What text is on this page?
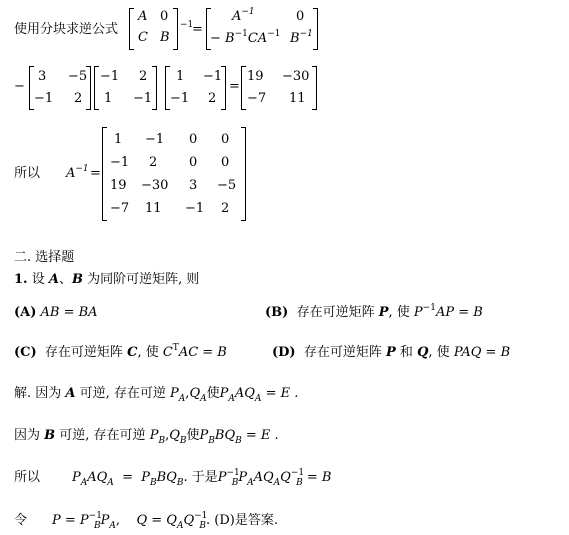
使用分块求逆公式
A 0
C B
$_{-1}$
=
$A^{-1}$	0
− $B^{-1}CA^{-1}$ $B^{-1}$
−
3 −5
−1 2
−1 2
1 −1
1 −1
−1 2
=
19 −30
−7 11
所以 $A^{-1}$ =
1 −1 0 0
−1 2 0 0
19 −30 3 −5
−7 11 −1 2
二. 选择题
1. 设 A、B 为同阶可逆矩阵, 则
(A) AB = BA	(B) 存在可逆矩阵 P, 使 $P^{-1}AP = B$
(C) 存在可逆矩阵 C, 使 $C^TAC = B$	(D) 存在可逆矩阵 P 和 Q, 使 PAQ = B
解. 因为 A 可逆, 存在可逆 $P_A,Q_A$使$P_AAQ_A = E$ .
因为 B 可逆, 存在可逆 $P_B,Q_B$使$P_BBQ_B = E$ .
所以 $P_AAQ_A = P_BBQ_B$. 于是$P^{-1}_BP_AAQ_AQ^{-1}_B = B$
令 $P = P^{-1}_BP_A$, $Q = Q_AQ^{-1}_B$. (D)是答案.
